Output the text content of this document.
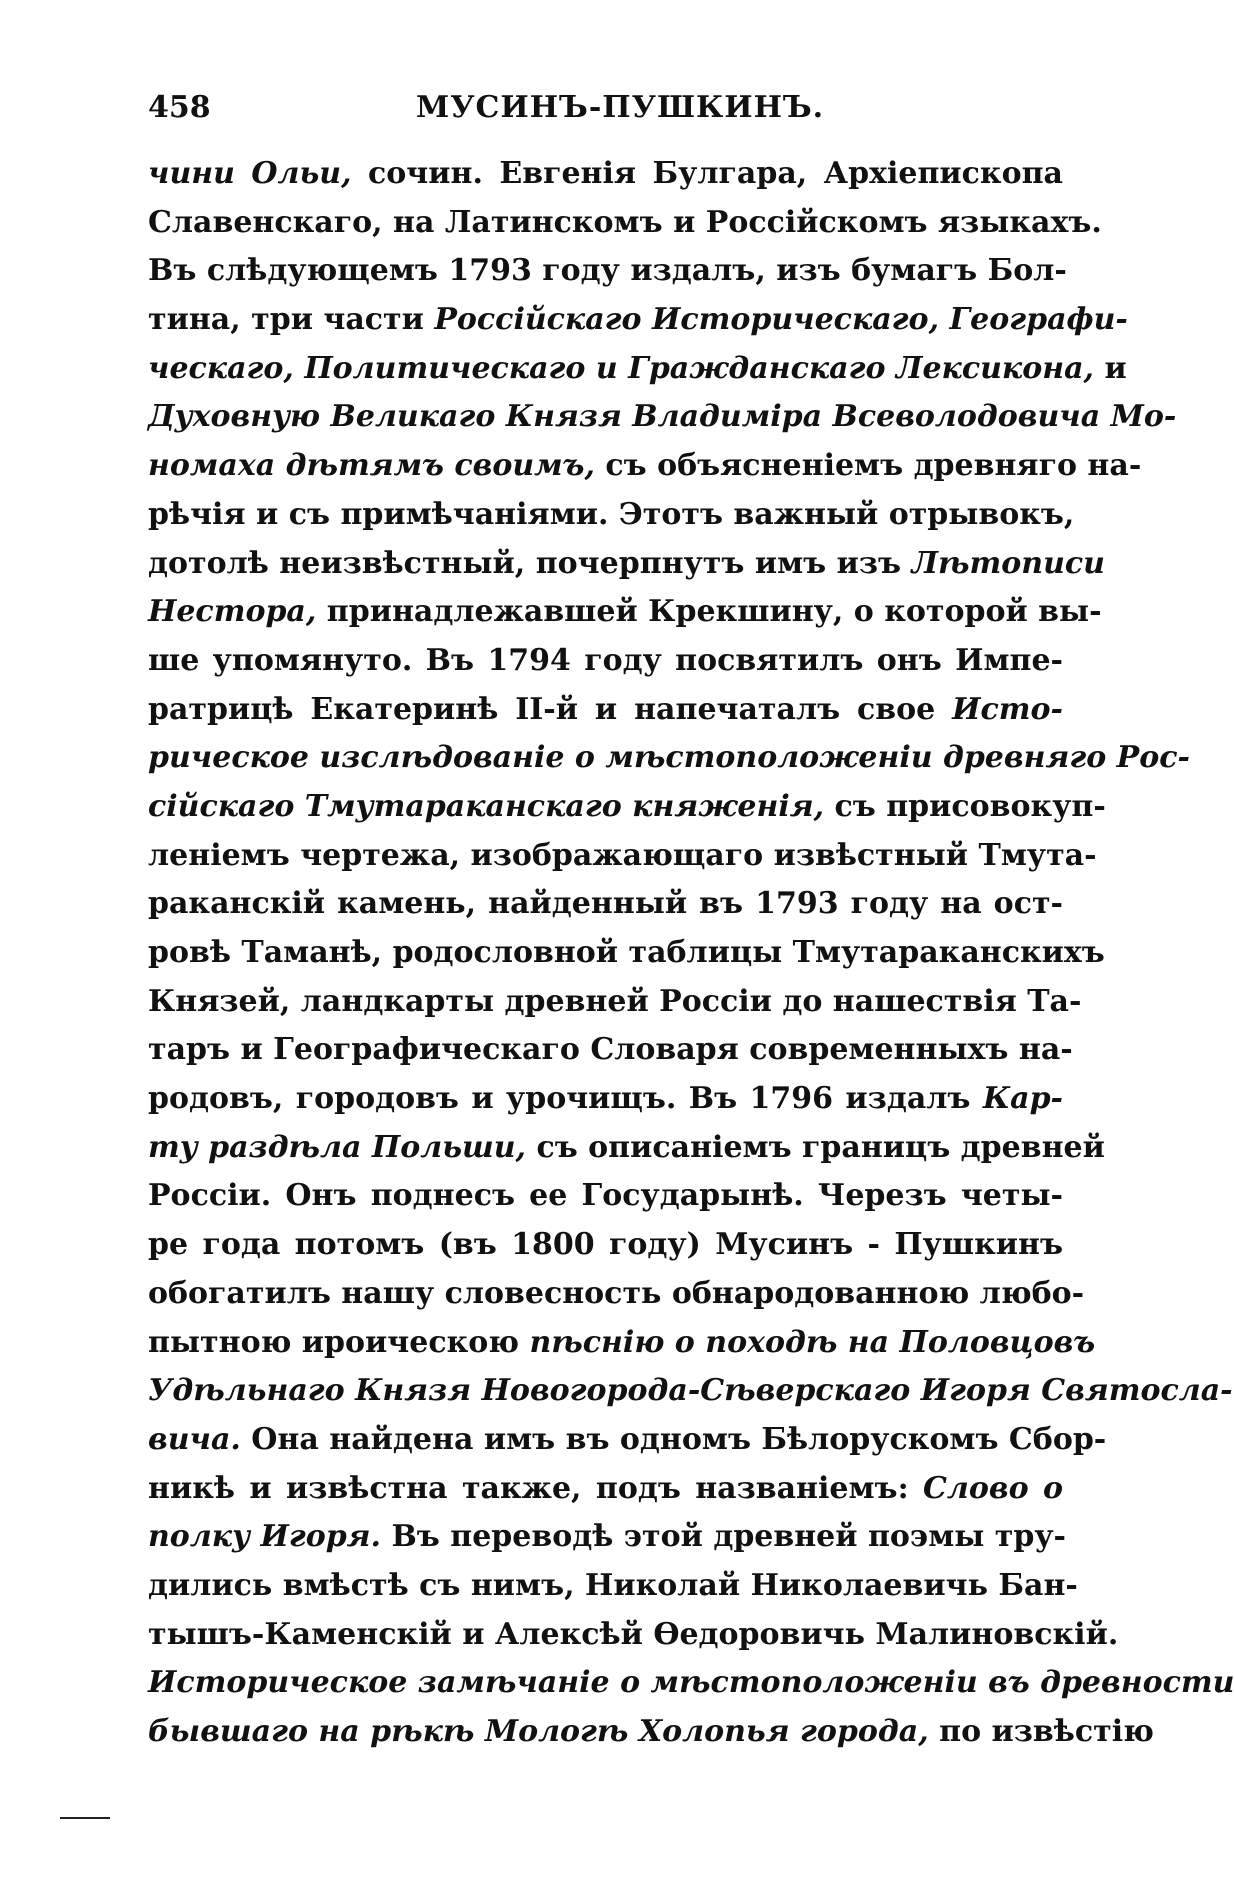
458	МУСИНЪ-ПУШКИНЪ.
чини Ольи, сочин. Евгенія Булгара, Архіепископа
Славенскаго, на Латинскомъ и Россійскомъ языкахъ.
Въ слѣдующемъ 1793 году издалъ, изъ бумагъ Бол-
тина, три части Россійскаго Историческаго, Географи-
ческаго, Политическаго и Гражданскаго Лексикона, и
Духовную Великаго Князя Владиміра Всеволодовича Мо-
номаха дѣтямъ своимъ, съ объясненіемъ древняго на-
рѣчія и съ примѣчаніями. Этотъ важный отрывокъ,
дотолѣ неизвѣстный, почерпнутъ имъ изъ Лѣтописи
Нестора, принадлежавшей Крекшину, о которой вы-
ше упомянуто. Въ 1794 году посвятилъ онъ Импе-
ратрицѣ Екатеринѣ II-й и напечаталъ свое Исто-
рическое изслѣдованіе о мѣстоположеніи древняго Рос-
сійскаго Тмутараканскаго княженія, съ присовокуп-
леніемъ чертежа, изображающаго извѣстный Тмута-
раканскій камень, найденный въ 1793 году на ост-
ровѣ Таманѣ, родословной таблицы Тмутараканскихъ
Князей, ландкарты древней Россіи до нашествія Та-
таръ и Географическаго Словаря современныхъ на-
родовъ, городовъ и урочищъ. Въ 1796 издалъ Кар-
ту раздѣла Польши, съ описаніемъ границъ древней
Россіи. Онъ поднесъ ее Государынѣ. Черезъ четы-
ре года потомъ (въ 1800 году) Мусинъ - Пушкинъ
обогатилъ нашу словесность обнародованною любо-
пытною ироическою пѣснію о походѣ на Половцовъ
Удѣльнаго Князя Новогорода-Сѣверскаго Игоря Святосла-
вича. Она найдена имъ въ одномъ Бѣлорускомъ Сбор-
никѣ и извѣстна также, подъ названіемъ: Слово о
полку Игоря. Въ переводѣ этой древней поэмы тру-
дились вмѣстѣ съ нимъ, Николай Николаевичь Бан-
тышъ-Каменскій и Алексѣй Өедоровичь Малиновскій.
Историческое замѣчаніе о мѣстоположеніи въ древности
бывшаго на рѣкѣ Мологѣ Холопья города, по извѣстію
